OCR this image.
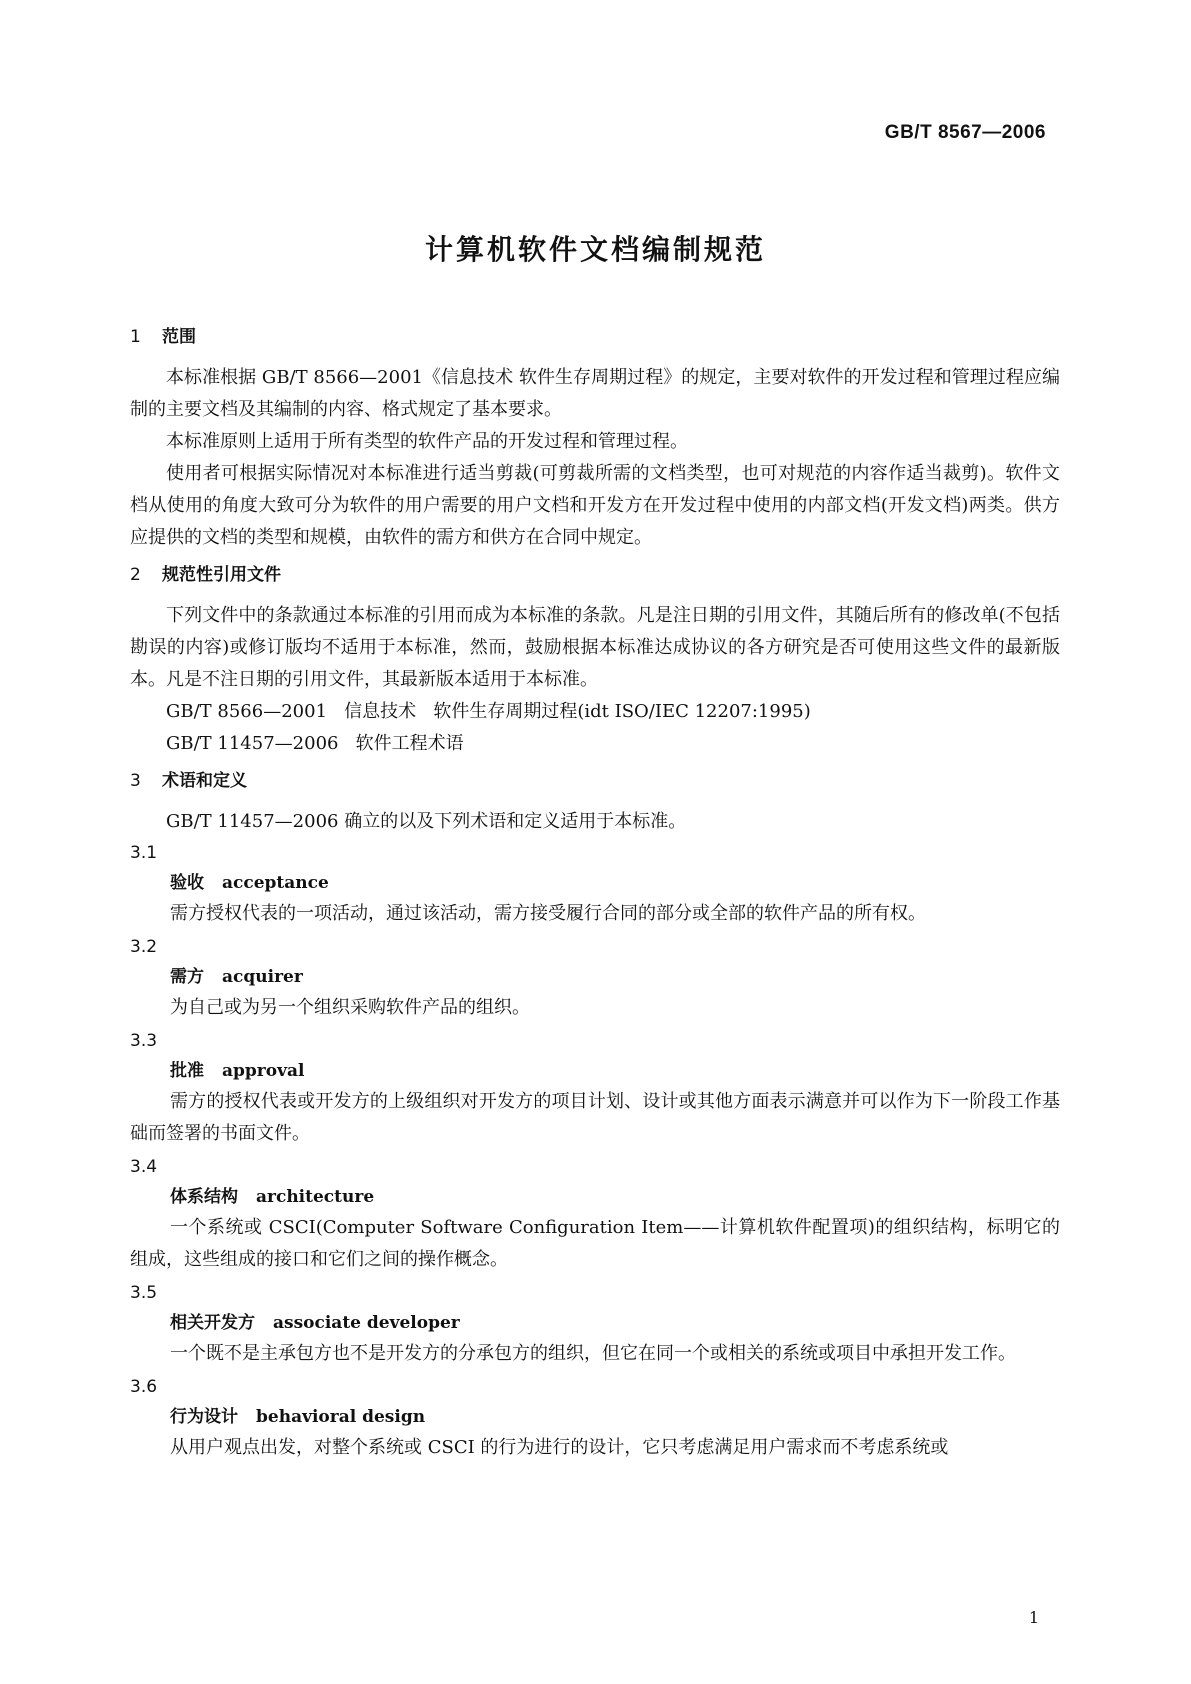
GB/T 8567—2006
计算机软件文档编制规范

1 范围

本标准根据 GB/T 8566—2001《信息技术 软件生存周期过程》的规定，主要对软件的开发过程和管理过程应编制的主要文档及其编制的内容、格式规定了基本要求。

本标准原则上适用于所有类型的软件产品的开发过程和管理过程。

使用者可根据实际情况对本标准进行适当剪裁(可剪裁所需的文档类型，也可对规范的内容作适当裁剪)。软件文档从使用的角度大致可分为软件的用户需要的用户文档和开发方在开发过程中使用的内部文档(开发文档)两类。供方应提供的文档的类型和规模，由软件的需方和供方在合同中规定。

2 规范性引用文件

下列文件中的条款通过本标准的引用而成为本标准的条款。凡是注日期的引用文件，其随后所有的修改单(不包括勘误的内容)或修订版均不适用于本标准，然而，鼓励根据本标准达成协议的各方研究是否可使用这些文件的最新版本。凡是不注日期的引用文件，其最新版本适用于本标准。

GB/T 8566—2001   信息技术   软件生存周期过程(idt ISO/IEC 12207:1995)

GB/T 11457—2006   软件工程术语

3 术语和定义

GB/T 11457—2006 确立的以及下列术语和定义适用于本标准。

3.1

验收 acceptance

需方授权代表的一项活动，通过该活动，需方接受履行合同的部分或全部的软件产品的所有权。

3.2

需方 acquirer

为自己或为另一个组织采购软件产品的组织。

3.3

批准 approval

需方的授权代表或开发方的上级组织对开发方的项目计划、设计或其他方面表示满意并可以作为下一阶段工作基础而签署的书面文件。

3.4

体系结构 architecture

一个系统或 CSCI(Computer Software Configuration Item——计算机软件配置项)的组织结构，标明它的组成，这些组成的接口和它们之间的操作概念。

3.5

相关开发方 associate developer

一个既不是主承包方也不是开发方的分承包方的组织，但它在同一个或相关的系统或项目中承担开发工作。

3.6

行为设计 behavioral design

从用户观点出发，对整个系统或 CSCI 的行为进行的设计，它只考虑满足用户需求而不考虑系统或

1
